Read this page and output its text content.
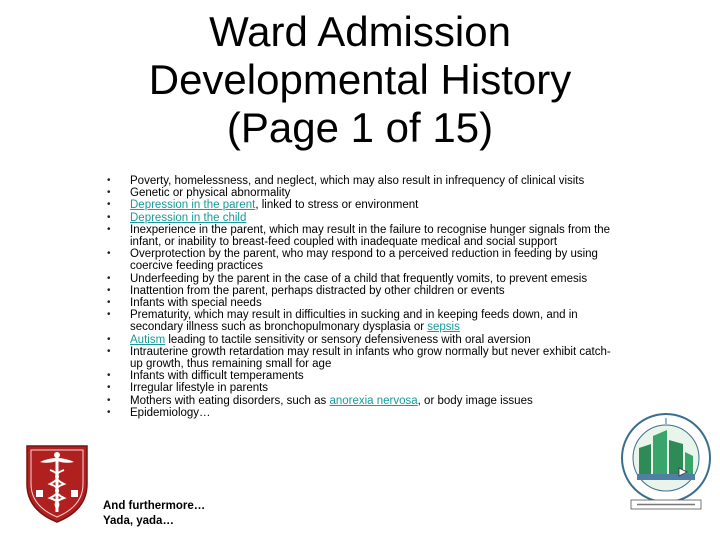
Ward Admission
Developmental History
(Page 1 of 15)
• Poverty, homelessness, and neglect, which may also result in infrequency of clinical visits
• Genetic or physical abnormality
• Depression in the parent, linked to stress or environment
• Depression in the child
• Inexperience in the parent, which may result in the failure to recognise hunger signals from the infant, or inability to breast-feed coupled with inadequate medical and social support
• Overprotection by the parent, who may respond to a perceived reduction in feeding by using coercive feeding practices
• Underfeeding by the parent in the case of a child that frequently vomits, to prevent emesis
• Inattention from the parent, perhaps distracted by other children or events
• Infants with special needs
• Prematurity, which may result in difficulties in sucking and in keeping feeds down, and in secondary illness such as bronchopulmonary dysplasia or sepsis
• Autism leading to tactile sensitivity or sensory defensiveness with oral aversion
• Intrauterine growth retardation may result in infants who grow normally but never exhibit catch-up growth, thus remaining small for age
• Infants with difficult temperaments
• Irregular lifestyle in parents
• Mothers with eating disorders, such as anorexia nervosa, or body image issues
• Epidemiology…
And furthermore…
Yada, yada…
